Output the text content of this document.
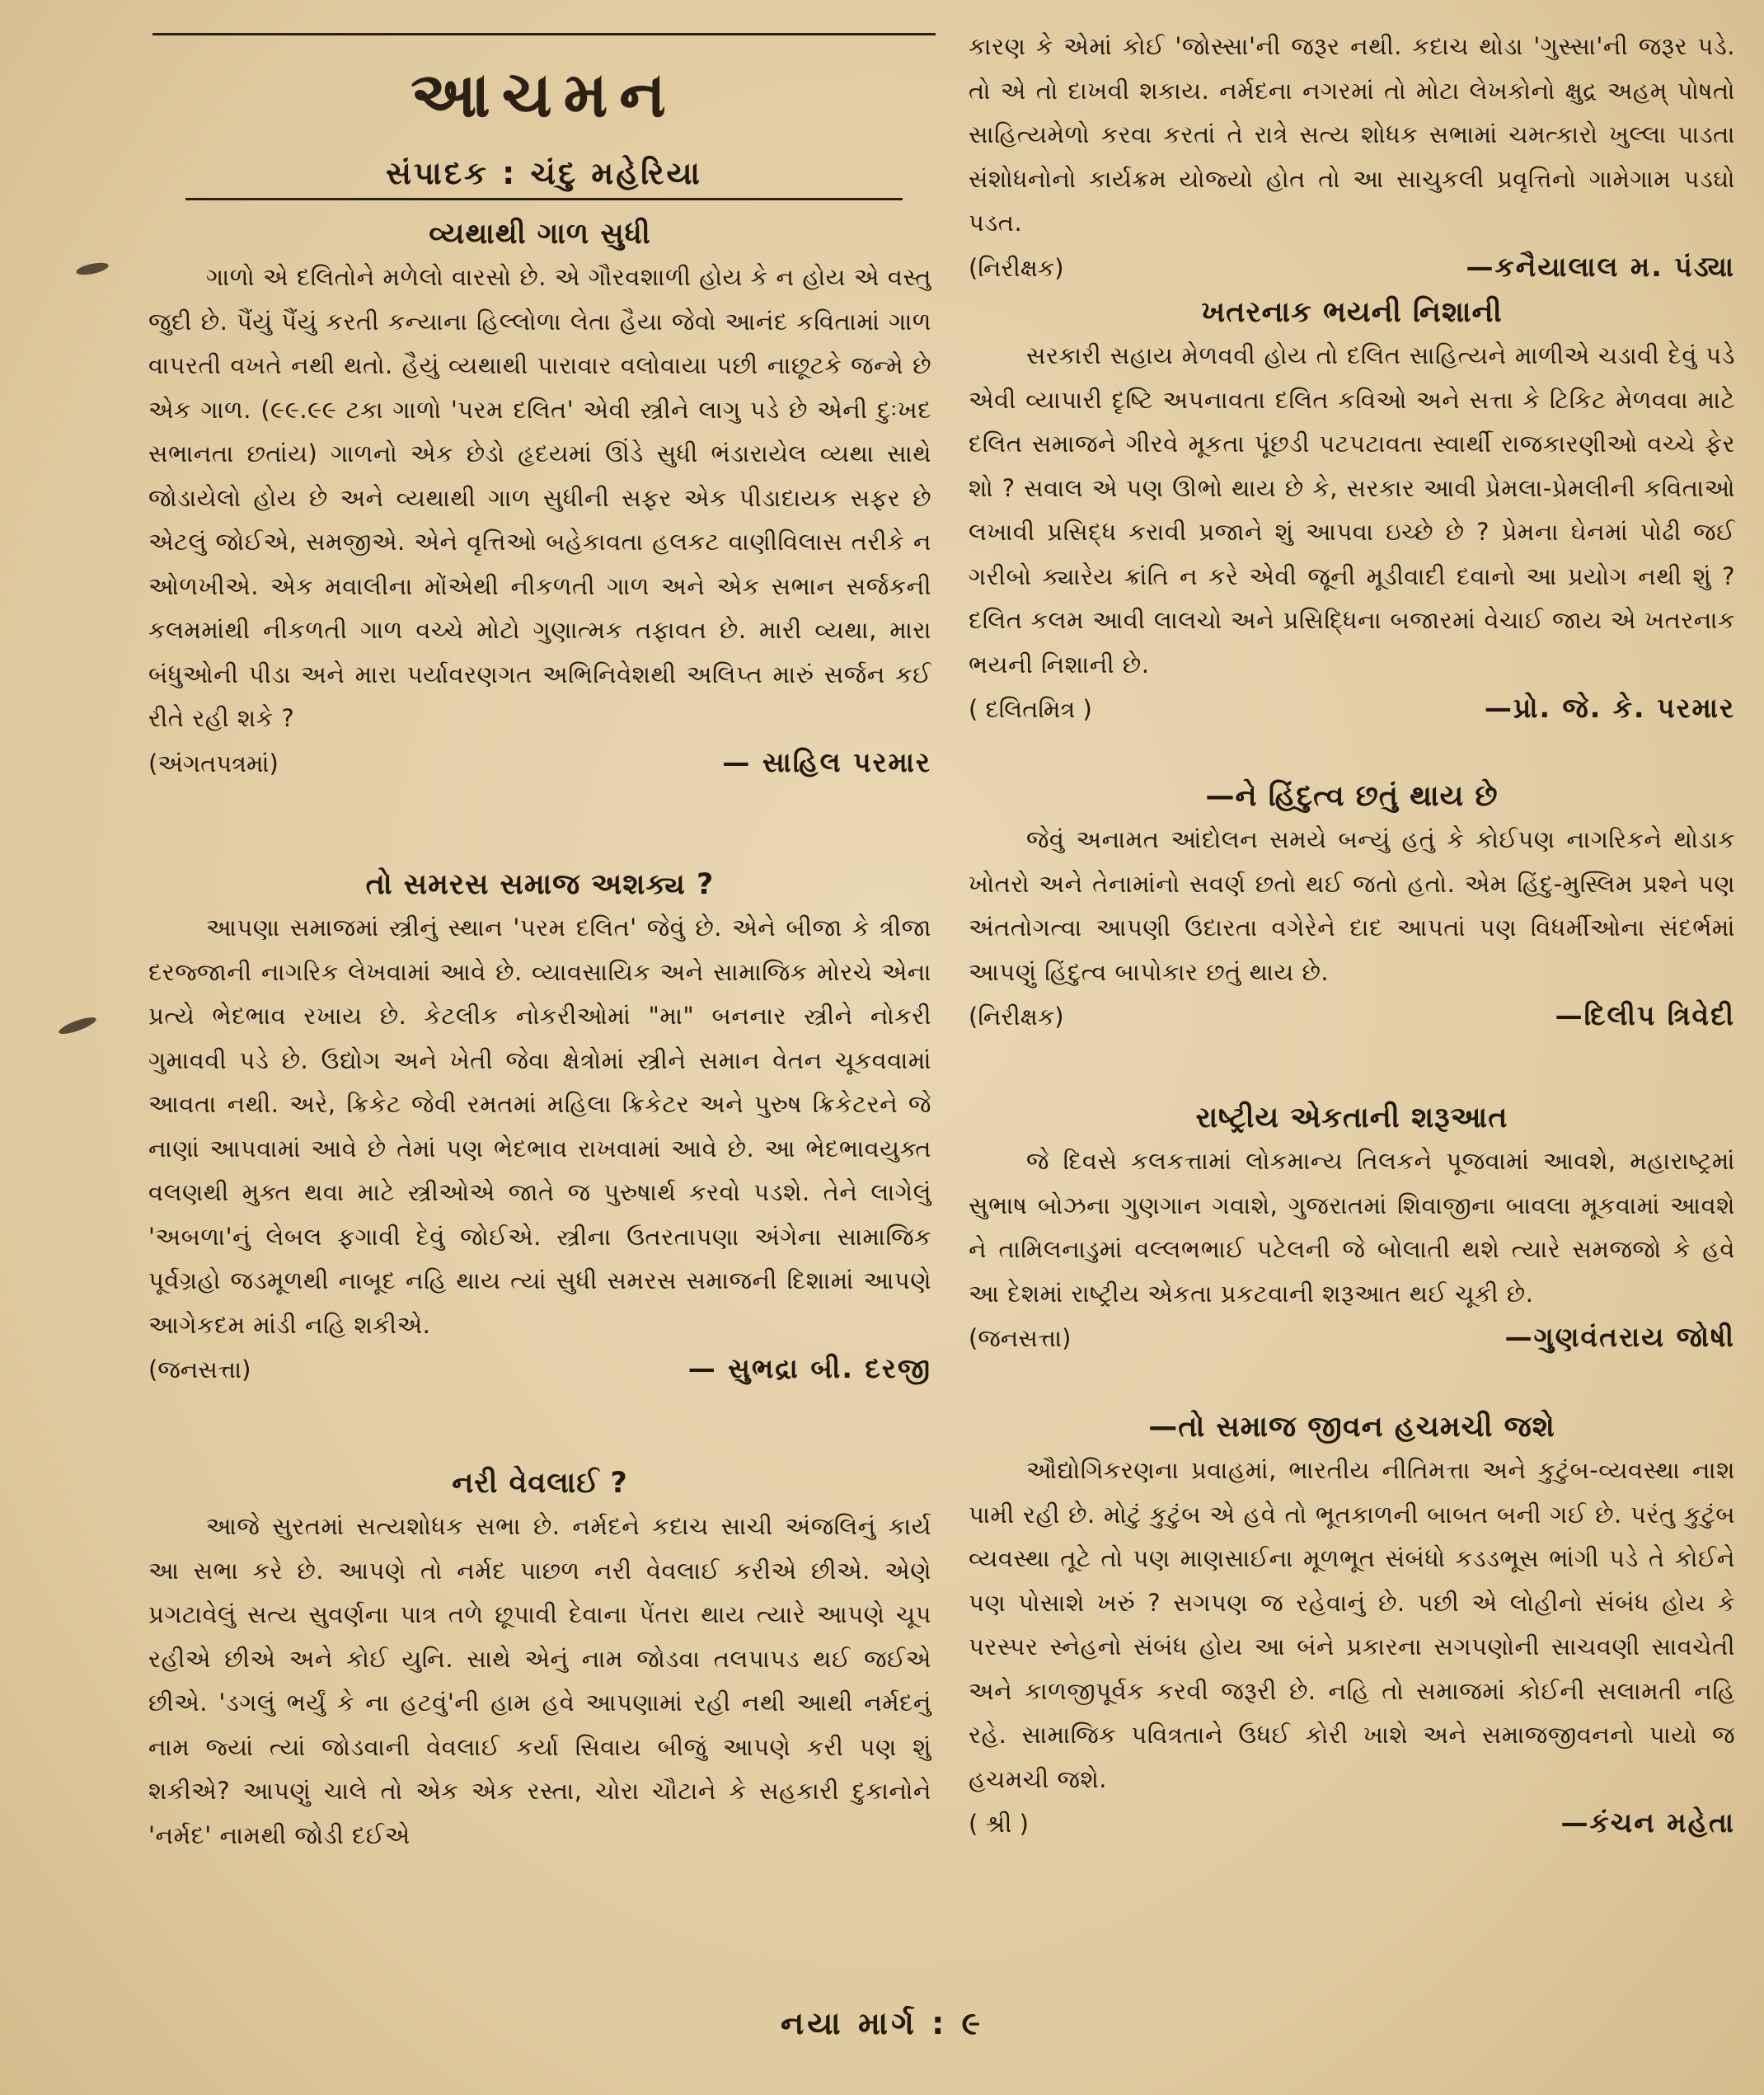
આચમન
સંપાદક : ચંદુ મહેરિયા
વ્યથાથી ગાળ સુધી

ગાળો એ દલિતોને મળેલો વારસો છે. એ ગૌરવશાળી હોય કે ન હોય એ વસ્તુ જુદી છે. પૈંયું પૈંયું કરતી કન્યાના હિલ્લોળા લેતા હૈયા જેવો આનંદ કવિતામાં ગાળ વાપરતી વખતે નથી થતો. હૈયું વ્યથાથી પારાવાર વલોવાયા પછી નાછૂટકે જન્મે છે એક ગાળ. (૯૯.૯૯ ટકા ગાળો 'પરમ દલિત' એવી સ્ત્રીને લાગુ પડે છે એની દુઃખદ સભાનતા છતાંય) ગાળનો એક છેડો હૃદયમાં ઊંડે સુધી ભંડારાયેલ વ્યથા સાથે જોડાયેલો હોય છે અને વ્યથાથી ગાળ સુધીની સફર એક પીડાદાયક સફર છે એટલું જોઈએ, સમજીએ. એને વૃત્તિઓ બહેકાવતા હલકટ વાણીવિલાસ તરીકે ન ઓળખીએ. એક મવાલીના મોંએથી નીકળતી ગાળ અને એક સભાન સર્જકની કલમમાંથી નીકળતી ગાળ વચ્ચે મોટો ગુણાત્મક તફાવત છે. મારી વ્યથા, મારા બંધુઓની પીડા અને મારા પર્યાવરણગત અભિનિવેશથી અલિપ્ત મારું સર્જન કઈ રીતે રહી શકે ?

(અંગતપત્રમાં)	— સાહિલ પરમાર
તો સમરસ સમાજ અશક્ય ?

આપણા સમાજમાં સ્ત્રીનું સ્થાન 'પરમ દલિત' જેવું છે. એને બીજા કે ત્રીજા દરજ્જાની નાગરિક લેખવામાં આવે છે. વ્યાવસાયિક અને સામાજિક મોરચે એના પ્રત્યે ભેદભાવ રખાય છે. કેટલીક નોકરીઓમાં "મા" બનનાર સ્ત્રીને નોકરી ગુમાવવી પડે છે. ઉદ્યોગ અને ખેતી જેવા ક્ષેત્રોમાં સ્ત્રીને સમાન વેતન ચૂકવવામાં આવતા નથી. અરે, ક્રિકેટ જેવી રમતમાં મહિલા ક્રિકેટર અને પુરુષ ક્રિકેટરને જે નાણાં આપવામાં આવે છે તેમાં પણ ભેદભાવ રાખવામાં આવે છે. આ ભેદભાવયુક્ત વલણથી મુક્ત થવા માટે સ્ત્રીઓએ જાતે જ પુરુષાર્થ કરવો પડશે. તેને લાગેલું 'અબળા'નું લેબલ ફગાવી દેવું જોઈએ. સ્ત્રીના ઉતરતાપણા અંગેના સામાજિક પૂર્વગ્રહો જડમૂળથી નાબૂદ નહિ થાય ત્યાં સુધી સમરસ સમાજની દિશામાં આપણે આગેકદમ માંડી નહિ શકીએ.

(જનસત્તા)	— સુભદ્રા બી. દરજી
નરી વેવલાઈ ?

આજે સુરતમાં સત્યશોધક સભા છે. નર્મદને કદાચ સાચી અંજલિનું કાર્ય આ સભા કરે છે. આપણે તો નર્મદ પાછળ નરી વેવલાઈ કરીએ છીએ. એણે પ્રગટાવેલું સત્ય સુવર્ણના પાત્ર તળે છૂપાવી દેવાના પેંતરા થાય ત્યારે આપણે ચૂપ રહીએ છીએ અને કોઈ યુનિ. સાથે એનું નામ જોડવા તલપાપડ થઈ જઈએ છીએ. 'ડગલું ભર્યું કે ના હટવું'ની હામ હવે આપણામાં રહી નથી આથી નર્મદનું નામ જ્યાં ત્યાં જોડવાની વેવલાઈ કર્યા સિવાય બીજું આપણે કરી પણ શું શકીએ? આપણું ચાલે તો એક એક રસ્તા, ચોરા ચૌટાને કે સહકારી દુકાનોને 'નર્મદ' નામથી જોડી દઈએ

કારણ કે એમાં કોઈ 'જોસ્સા'ની જરૂર નથી. કદાચ થોડા 'ગુસ્સા'ની જરૂર પડે. તો એ તો દાખવી શકાય. નર્મદના નગરમાં તો મોટા લેખકોનો ક્ષુદ્ર અહમ્ પોષતો સાહિત્યમેળો કરવા કરતાં તે રાત્રે સત્ય શોધક સભામાં ચમત્કારો ખુલ્લા પાડતા સંશોધનોનો કાર્યક્રમ યોજ્યો હોત તો આ સાચુકલી પ્રવૃત્તિનો ગામેગામ પડઘો પડત.

(નિરીક્ષક)	—કનૈયાલાલ મ. પંડ્યા
ખતરનાક ભયની નિશાની

સરકારી સહાય મેળવવી હોય તો દલિત સાહિત્યને માળીએ ચડાવી દેવું પડે એવી વ્યાપારી દૃષ્ટિ અપનાવતા દલિત કવિઓ અને સત્તા કે ટિકિટ મેળવવા માટે દલિત સમાજને ગીરવે મૂકતા પૂંછડી પટપટાવતા સ્વાર્થી રાજકારણીઓ વચ્ચે ફેર શો ? સવાલ એ પણ ઊભો થાય છે કે, સરકાર આવી પ્રેમલા-પ્રેમલીની કવિતાઓ લખાવી પ્રસિદ્ધ કરાવી પ્રજાને શું આપવા ઇચ્છે છે ? પ્રેમના ઘેનમાં પોઢી જઈ ગરીબો ક્યારેય ક્રાંતિ ન કરે એવી જૂની મૂડીવાદી દવાનો આ પ્રયોગ નથી શું ? દલિત કલમ આવી લાલચો અને પ્રસિદ્ધિના બજારમાં વેચાઈ જાય એ ખતરનાક ભયની નિશાની છે.

( દલિતમિત્ર )	—પ્રો. જે. કે. પરમાર
—ને હિંદુત્વ છતું થાય છે

જેવું અનામત આંદોલન સમયે બન્યું હતું કે કોઈપણ નાગરિકને થોડાક ખોતરો અને તેનામાંનો સવર્ણ છતો થઈ જતો હતો. એમ હિંદુ-મુસ્લિમ પ્રશ્ને પણ અંતતોગત્વા આપણી ઉદારતા વગેરેને દાદ આપતાં પણ વિધર્મીઓના સંદર્ભમાં આપણું હિંદુત્વ બાપોકાર છતું થાય છે.

(નિરીક્ષક)	—દિલીપ ત્રિવેદી
રાષ્ટ્રીય એકતાની શરૂઆત

જે દિવસે કલકત્તામાં લોકમાન્ય તિલકને પૂજવામાં આવશે, મહારાષ્ટ્રમાં સુભાષ બોઝના ગુણગાન ગવાશે, ગુજરાતમાં શિવાજીના બાવલા મૂકવામાં આવશે ને તામિલનાડુમાં વલ્લભભાઈ પટેલની જે બોલાતી થશે ત્યારે સમજજો કે હવે આ દેશમાં રાષ્ટ્રીય એકતા પ્રકટવાની શરૂઆત થઈ ચૂકી છે.

(જનસત્તા)	—ગુણવંતરાય જોષી
—તો સમાજ જીવન હચમચી જશે

ઔદ્યોગિકરણના પ્રવાહમાં, ભારતીય નીતિમત્તા અને કુટુંબ-વ્યવસ્થા નાશ પામી રહી છે. મોટું કુટુંબ એ હવે તો ભૂતકાળની બાબત બની ગઈ છે. પરંતુ કુટુંબ વ્યવસ્થા તૂટે તો પણ માણસાઈના મૂળભૂત સંબંધો કડડભૂસ ભાંગી પડે તે કોઈને પણ પોસાશે ખરું ? સગપણ જ રહેવાનું છે. પછી એ લોહીનો સંબંધ હોય કે પરસ્પર સ્નેહનો સંબંધ હોય આ બંને પ્રકારના સગપણોની સાચવણી સાવચેતી અને કાળજીપૂર્વક કરવી જરૂરી છે. નહિ તો સમાજમાં કોઈની સલામતી નહિ રહે. સામાજિક પવિત્રતાને ઉધઈ કોરી ખાશે અને સમાજજીવનનો પાયો જ હચમચી જશે.

( શ્રી )	—કંચન મહેતા
નયા માર્ગ : ૯
